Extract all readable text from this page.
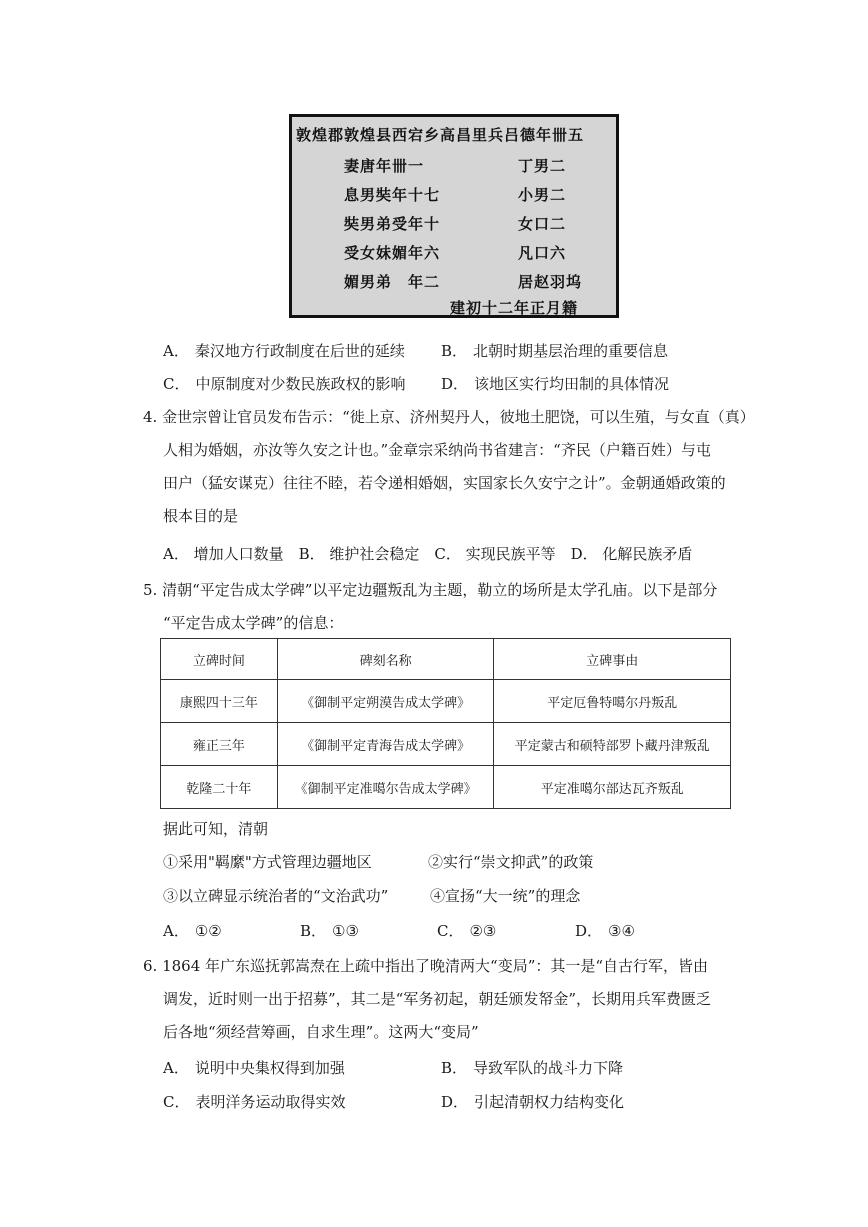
敦煌郡敦煌县西宕乡高昌里兵吕德年卌五
妻唐年卌一	丁男二
息男奘年十七	小男二
奘男弟受年十	女口二
受女妹媚年六	凡口六
媚男弟　年二	居赵羽坞
建初十二年正月籍
A． 秦汉地方行政制度在后世的延续 B． 北朝时期基层治理的重要信息
C． 中原制度对少数民族政权的影响 D． 该地区实行均田制的具体情况
4. 金世宗曾让官员发布告示：“徙上京、济州契丹人，彼地土肥饶，可以生殖，与女直（真）
人相为婚姻，亦汝等久安之计也。”金章宗采纳尚书省建言：“齐民（户籍百姓）与屯
田户（猛安谋克）往往不睦，若令递相婚姻，实国家长久安宁之计”。金朝通婚政策的
根本目的是
A． 增加人口数量　B． 维护社会稳定　C． 实现民族平等　D． 化解民族矛盾
5. 清朝“平定告成太学碑”以平定边疆叛乱为主题，勒立的场所是太学孔庙。以下是部分
“平定告成太学碑”的信息：
立碑时间	碑刻名称	立碑事由
康熙四十三年	《御制平定朔漠告成太学碑》	平定厄鲁特噶尔丹叛乱
雍正三年	《御制平定青海告成太学碑》	平定蒙古和硕特部罗卜藏丹津叛乱
乾隆二十年	《御制平定准噶尔告成太学碑》	平定准噶尔部达瓦齐叛乱
据此可知，清朝
①采用"羁縻"方式管理边疆地区	②实行“崇文抑武”的政策
③以立碑显示统治者的“文治武功”	④宣扬“大一统”的理念
A． ①②	B． ①③	C． ②③	D． ③④
6. 1864 年广东巡抚郭嵩焘在上疏中指出了晚清两大“变局”：其一是“自古行军，皆由
调发，近时则一出于招募”，其二是“军务初起，朝廷颁发帑金”，长期用兵军费匮乏
后各地“须经营筹画，自求生理”。这两大“变局”
A． 说明中央集权得到加强	B． 导致军队的战斗力下降
C． 表明洋务运动取得实效	D． 引起清朝权力结构变化
